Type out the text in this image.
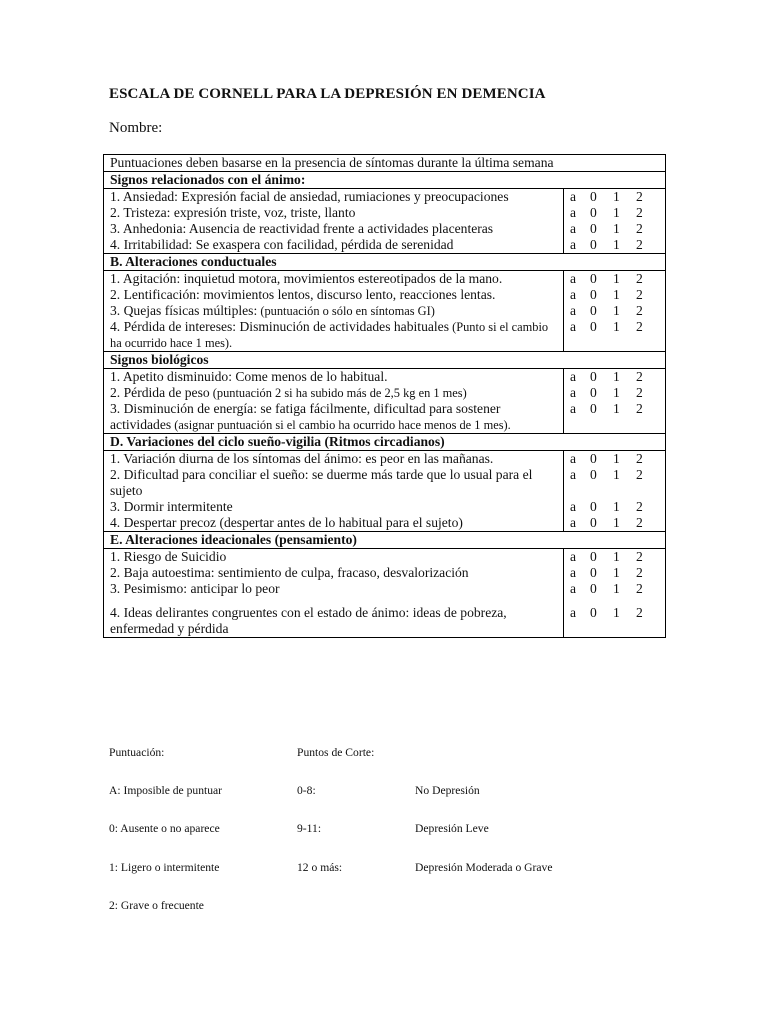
ESCALA DE CORNELL PARA LA DEPRESIÓN EN DEMENCIA
Nombre:
Puntuaciones deben basarse en la presencia de síntomas durante la última semana	
Signos relacionados con el ánimo:	
1. Ansiedad: Expresión facial de ansiedad, rumiaciones y preocupaciones	a 0 1 2
2. Tristeza: expresión triste, voz, triste, llanto	a 0 1 2
3. Anhedonia: Ausencia de reactividad frente a actividades placenteras	a 0 1 2
4. Irritabilidad: Se exaspera con facilidad, pérdida de serenidad	a 0 1 2
B. Alteraciones conductuales	
1. Agitación: inquietud motora, movimientos estereotipados de la mano.	a 0 1 2
2. Lentificación: movimientos lentos, discurso lento, reacciones lentas.	a 0 1 2
3. Quejas físicas múltiples: (puntuación o sólo en síntomas GI)	a 0 1 2
4. Pérdida de intereses: Disminución de actividades habituales (Punto si el cambio ha ocurrido hace 1 mes).	a 0 1 2
Signos biológicos	
1. Apetito disminuido: Come menos de lo habitual.	a 0 1 2
2. Pérdida de peso (puntuación 2 si ha subido más de 2,5 kg en 1 mes)	a 0 1 2
3. Disminución de energía: se fatiga fácilmente, dificultad para sostener actividades (asignar puntuación si el cambio ha ocurrido hace menos de 1 mes).	a 0 1 2
D. Variaciones del ciclo sueño-vigilia (Ritmos circadianos)	
1. Variación diurna de los síntomas del ánimo: es peor en las mañanas.	a 0 1 2
2. Dificultad para conciliar el sueño: se duerme más tarde que lo usual para el sujeto	a 0 1 2
3. Dormir intermitente	a 0 1 2
4. Despertar precoz (despertar antes de lo habitual para el sujeto)	a 0 1 2
E. Alteraciones ideacionales (pensamiento)	
1. Riesgo de Suicidio	a 0 1 2
2. Baja autoestima: sentimiento de culpa, fracaso, desvalorización	a 0 1 2
3. Pesimismo: anticipar lo peor	a 0 1 2
4. Ideas delirantes congruentes con el estado de ánimo: ideas de pobreza, enfermedad y pérdida	a 0 1 2
Puntuación:	Puntos de Corte:
A: Imposible de puntuar	0-8:	No Depresión
0: Ausente o no aparece	9-11:	Depresión Leve
1: Ligero o intermitente	12 o más:	Depresión Moderada o Grave
2: Grave o frecuente
